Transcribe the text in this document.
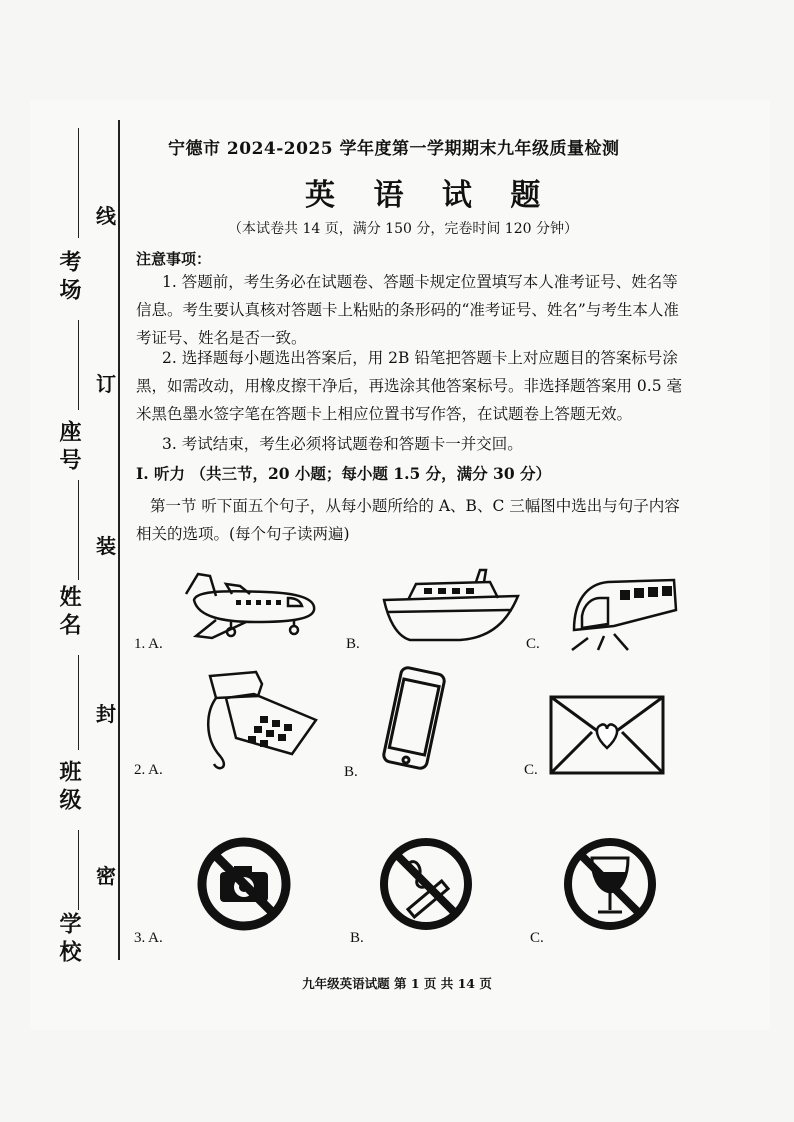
考场
座号
姓名
班级
学校
线
订
装
封
密
宁德市 2024-2025 学年度第一学期期末九年级质量检测
英 语 试 题
（本试卷共 14 页，满分 150 分，完卷时间 120 分钟）
注意事项：
1. 答题前，考生务必在试题卷、答题卡规定位置填写本人准考证号、姓名等信息。考生要认真核对答题卡上粘贴的条形码的“准考证号、姓名”与考生本人准考证号、姓名是否一致。
2. 选择题每小题选出答案后，用 2B 铅笔把答题卡上对应题目的答案标号涂黑，如需改动，用橡皮擦干净后，再选涂其他答案标号。非选择题答案用 0.5 毫米黑色墨水签字笔在答题卡上相应位置书写作答，在试题卷上答题无效。
3. 考试结束，考生必须将试题卷和答题卡一并交回。
Ⅰ. 听力 （共三节，20 小题；每小题 1.5 分，满分 30 分）
第一节 听下面五个句子，从每小题所给的 A、B、C 三幅图中选出与句子内容相关的选项。(每个句子读两遍)
1. A.	B.	C.
2. A.	B.	C.
3. A.	B.	C.
九年级英语试题 第 1 页 共 14 页
